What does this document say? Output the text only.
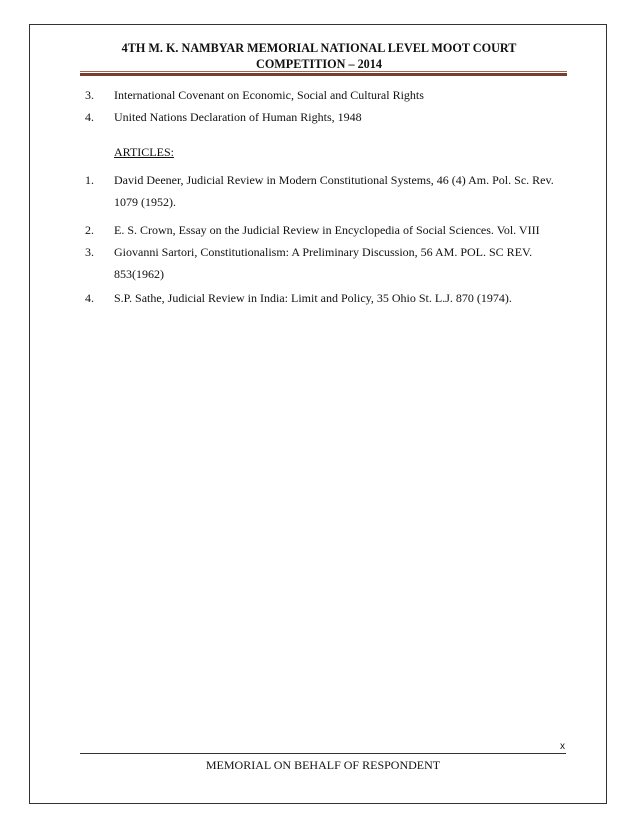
4TH M. K. NAMBYAR MEMORIAL NATIONAL LEVEL MOOT COURT
COMPETITION – 2014
3.	International Covenant on Economic, Social and Cultural Rights
4.	United Nations Declaration of Human Rights, 1948
ARTICLES:
1.	David Deener, Judicial Review in Modern Constitutional Systems, 46 (4) Am. Pol. Sc. Rev. 1079 (1952).
2.	E. S. Crown, Essay on the Judicial Review in Encyclopedia of Social Sciences. Vol. VIII
3.	Giovanni Sartori, Constitutionalism: A Preliminary Discussion, 56 AM. POL. SC REV. 853(1962)
4.	S.P. Sathe, Judicial Review in India: Limit and Policy, 35 Ohio St. L.J. 870 (1974).
x
MEMORIAL ON BEHALF OF RESPONDENT
